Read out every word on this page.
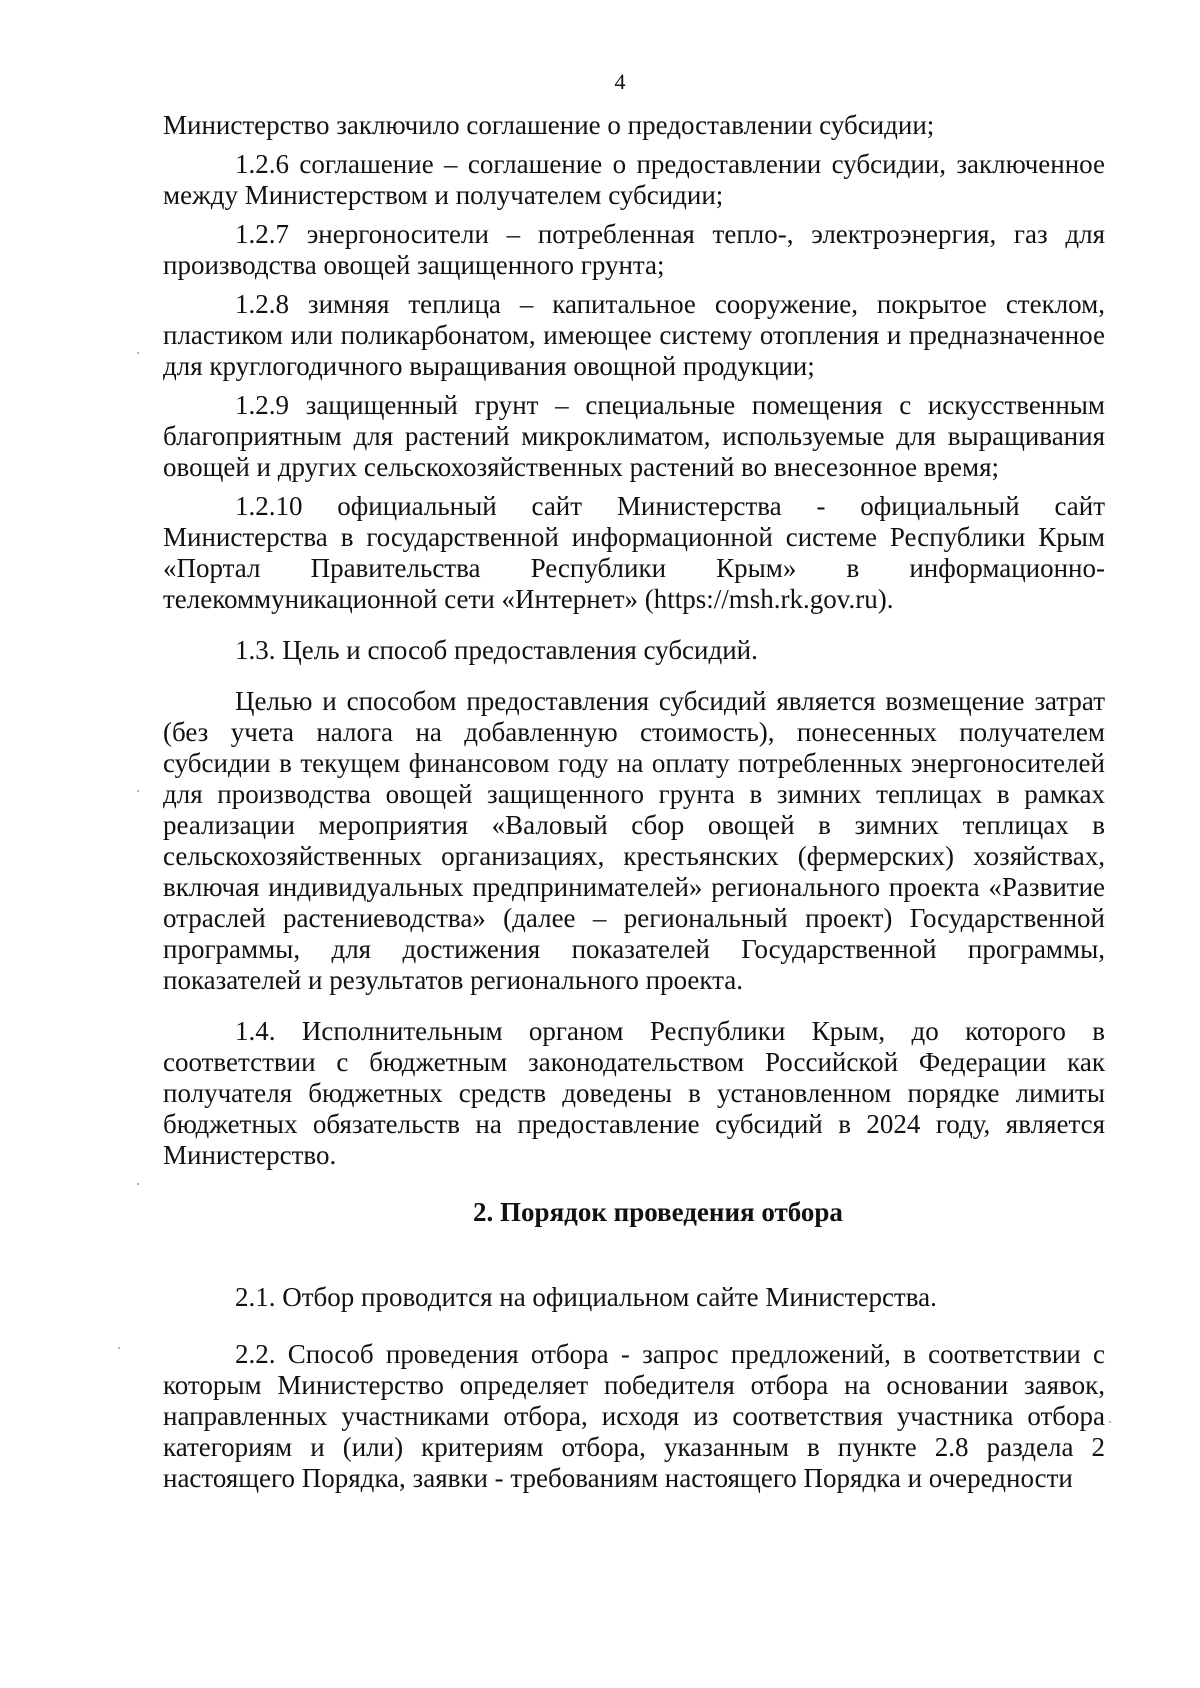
4

Министерство заключило соглашение о предоставлении субсидии;

1.2.6 соглашение – соглашение о предоставлении субсидии, заключенное между Министерством и получателем субсидии;

1.2.7 энергоносители – потребленная тепло-, электроэнергия, газ для производства овощей защищенного грунта;

1.2.8 зимняя теплица – капитальное сооружение, покрытое стеклом, пластиком или поликарбонатом, имеющее систему отопления и предназначенное для круглогодичного выращивания овощной продукции;

1.2.9 защищенный грунт – специальные помещения с искусственным благоприятным для растений микроклиматом, используемые для выращивания овощей и других сельскохозяйственных растений во внесезонное время;

1.2.10 официальный сайт Министерства - официальный сайт Министерства в государственной информационной системе Республики Крым «Портал Правительства Республики Крым» в информационно-телекоммуникационной сети «Интернет» (https://msh.rk.gov.ru).

1.3. Цель и способ предоставления субсидий.

Целью и способом предоставления субсидий является возмещение затрат (без учета налога на добавленную стоимость), понесенных получателем субсидии в текущем финансовом году на оплату потребленных энергоносителей для производства овощей защищенного грунта в зимних теплицах в рамках реализации мероприятия «Валовый сбор овощей в зимних теплицах в сельскохозяйственных организациях, крестьянских (фермерских) хозяйствах, включая индивидуальных предпринимателей» регионального проекта «Развитие отраслей растениеводства» (далее – региональный проект) Государственной программы, для достижения показателей Государственной программы, показателей и результатов регионального проекта.

1.4. Исполнительным органом Республики Крым, до которого в соответствии с бюджетным законодательством Российской Федерации как получателя бюджетных средств доведены в установленном порядке лимиты бюджетных обязательств на предоставление субсидий в 2024 году, является Министерство.

2. Порядок проведения отбора

2.1. Отбор проводится на официальном сайте Министерства.

2.2. Способ проведения отбора - запрос предложений, в соответствии с которым Министерство определяет победителя отбора на основании заявок, направленных участниками отбора, исходя из соответствия участника отбора категориям и (или) критериям отбора, указанным в пункте 2.8 раздела 2 настоящего Порядка, заявки - требованиям настоящего Порядка и очередности
